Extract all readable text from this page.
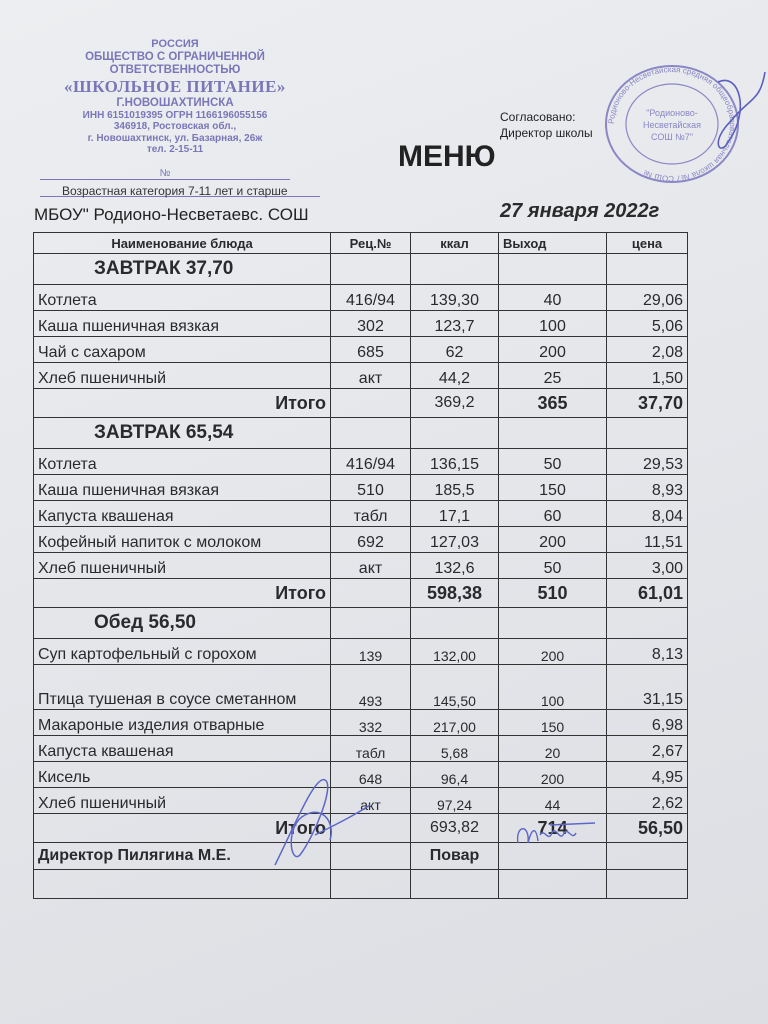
РОССИЯ
ОБЩЕСТВО С ОГРАНИЧЕННОЙ
ОТВЕТСТВЕННОСТЬЮ
«ШКОЛЬНОЕ ПИТАНИЕ»
Г.НОВОШАХТИНСКА
ИНН 6151019395 ОГРН 1166196055156
346918, Ростовская обл.,
г. Новошахтинск, ул. Базарная, 26ж
тел. 2-15-11
№
Возрастная категория 7-11 лет и старше
МБОУ" Родионо-Несветаевс. СОШ
МЕНЮ
Родионово-Несветайская средняя общеобразовательная школа №7 СОШ №
"Родионово-
Несветайская
СОШ №7"
Согласовано:
Директор школы
27 января 2022г
Наименование блюда	Рец.№	ккал	Выход	цена
ЗАВТРАК 37,70				
Котлета	416/94	139,30	40	29,06
Каша пшеничная вязкая	302	123,7	100	5,06
Чай с сахаром	685	62	200	2,08
Хлеб пшеничный	акт	44,2	25	1,50
Итого		369,2	365	37,70
ЗАВТРАК 65,54				
Котлета	416/94	136,15	50	29,53
Каша пшеничная вязкая	510	185,5	150	8,93
Капуста квашеная	табл	17,1	60	8,04
Кофейный напиток с молоком	692	127,03	200	11,51
Хлеб пшеничный	акт	132,6	50	3,00
Итого		598,38	510	61,01
Обед 56,50				
Суп картофельный с горохом	139	132,00	200	8,13
Птица тушеная в соусе сметанном	493	145,50	100	31,15
Макароные изделия отварные	332	217,00	150	6,98
Капуста квашеная	табл	5,68	20	2,67
Кисель	648	96,4	200	4,95
Хлеб пшеничный	акт	97,24	44	2,62
Итого		693,82	714	56,50
Директор Пилягина М.Е.		Повар		
